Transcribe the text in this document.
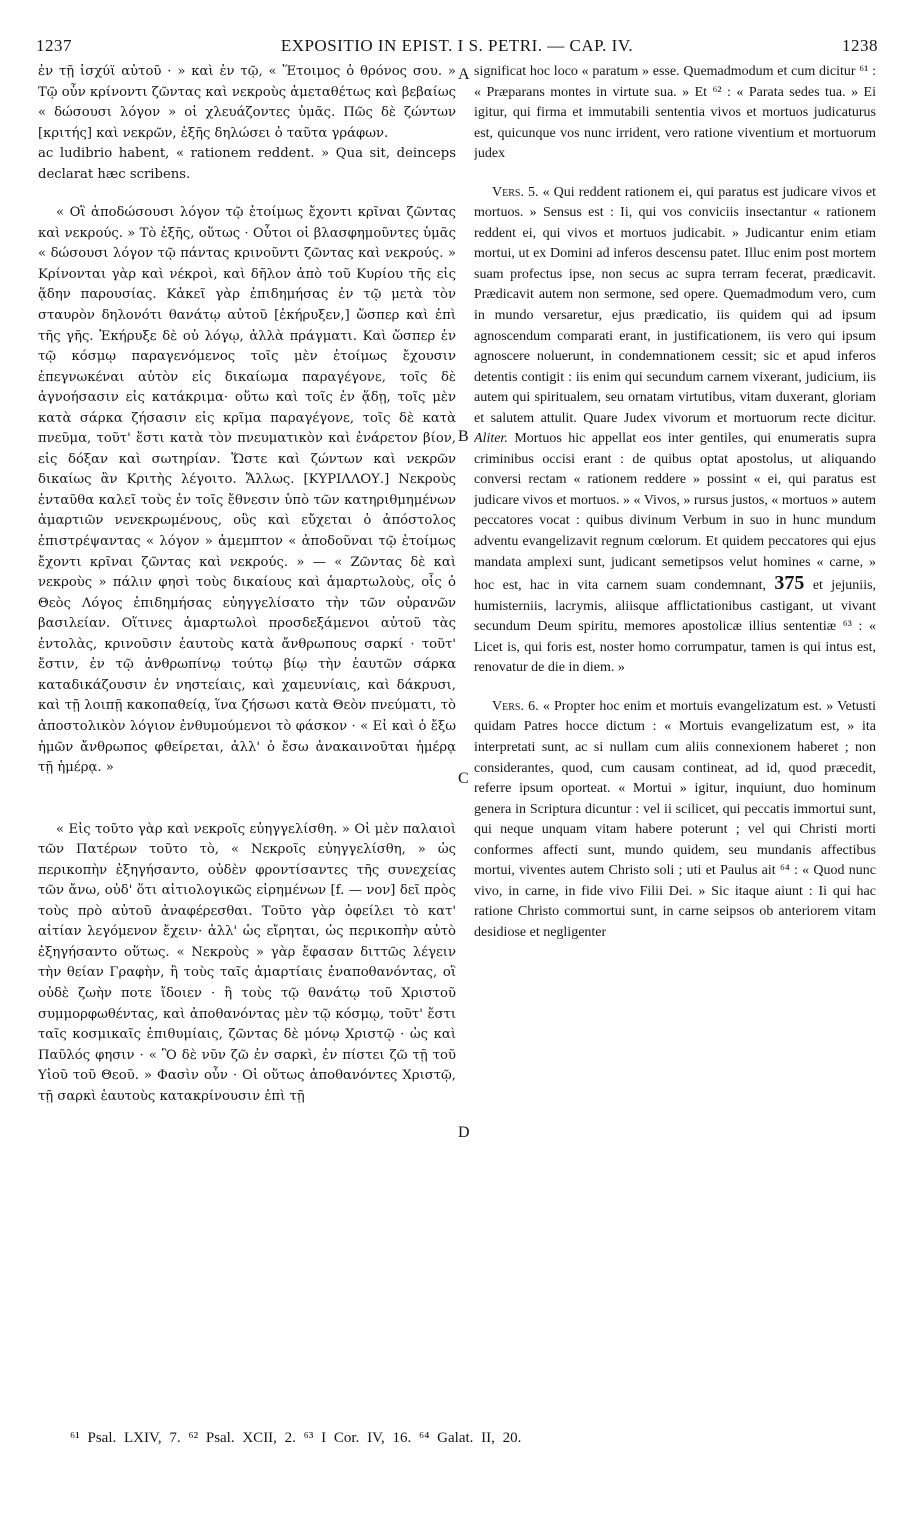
1237	EXPOSITIO IN EPIST. I S. PETRI. — CAP. IV.	1238

ἐν τῇ ἰσχύϊ αὐτοῦ · » καὶ ἐν τῷ, « Ἕτοιμος ὁ θρόνος σου. » Τῷ οὖν κρίνοντι ζῶντας καὶ νεκροὺς ἀμεταθέτως καὶ βεβαίως « δώσουσι λόγον » οἱ χλευάζοντες ὑμᾶς. Πῶς δὲ ζώντων [κριτής] καὶ νεκρῶν, ἑξῆς δηλώσει ὁ ταῦτα γράφων.

ac ludibrio habent, « rationem reddent. » Qua sit, deinceps declarat hæc scribens.

« Οἳ ἀποδώσουσι λόγον τῷ ἑτοίμως ἔχοντι κρῖναι ζῶντας καὶ νεκρούς. » Τὸ ἑξῆς, οὕτως · Οὗτοι οἱ βλασφημοῦντες ὑμᾶς « δώσουσι λόγον τῷ πάντας κρινοῦντι ζῶντας καὶ νεκρούς. » Κρίνονται γὰρ καὶ νέκροὶ, καὶ δῆλον ἀπὸ τοῦ Κυρίου τῆς εἰς ᾅδην παρουσίας. Κἀκεῖ γὰρ ἐπιδημήσας ἐν τῷ μετὰ τὸν σταυρὸν δηλονότι θανάτῳ αὐτοῦ [ἐκήρυξεν,] ὥσπερ καὶ ἐπὶ τῆς γῆς. Ἐκήρυξε δὲ οὐ λόγῳ, ἀλλὰ πράγματι. Καὶ ὥσπερ ἐν τῷ κόσμῳ παραγενόμενος τοῖς μὲν ἑτοίμως ἔχουσιν ἐπεγνωκέναι αὐτὸν εἰς δικαίωμα παραγέγονε, τοῖς δὲ ἀγνοήσασιν εἰς κατάκριμα· οὕτω καὶ τοῖς ἐν ᾅδῃ, τοῖς μὲν κατὰ σάρκα ζήσασιν εἰς κρῖμα παραγέγονε, τοῖς δὲ κατὰ πνεῦμα, τοῦτ' ἔστι κατὰ τὸν πνευματικὸν καὶ ἐνάρετον βίον, εἰς δόξαν καὶ σωτηρίαν. Ὥστε καὶ ζώντων καὶ νεκρῶν δικαίως ἂν Κριτὴς λέγοιτο. Ἄλλως. [ΚΥΡΙΛΛΟΥ.] Νεκροὺς ἐνταῦθα καλεῖ τοὺς ἐν τοῖς ἔθνεσιν ὑπὸ τῶν κατηριθμημένων ἁμαρτιῶν νενεκρωμένους, οὓς καὶ εὔχεται ὁ ἀπόστολος ἐπιστρέψαντας « λόγον » ἀμεμπτον « ἀποδοῦναι τῷ ἑτοίμως ἔχοντι κρῖναι ζῶντας καὶ νεκρούς. » — « Ζῶντας δὲ καὶ νεκροὺς » πάλιν φησὶ τοὺς δικαίους καὶ ἁμαρτωλοὺς, οἷς ὁ Θεὸς Λόγος ἐπιδημήσας εὐηγγελίσατο τὴν τῶν οὐρανῶν βασιλείαν. Οἵτινες ἁμαρτωλοὶ προσδεξάμενοι αὐτοῦ τὰς ἐντολὰς, κρινοῦσιν ἑαυτοὺς κατὰ ἄνθρωπους σαρκί · τοῦτ' ἔστιν, ἐν τῷ ἀνθρωπίνῳ τούτῳ βίῳ τὴν ἑαυτῶν σάρκα καταδικάζουσιν ἐν νηστείαις, καὶ χαμευνίαις, καὶ δάκρυσι, καὶ τῇ λοιπῇ κακοπαθείᾳ, ἵνα ζήσωσι κατὰ Θεὸν πνεύματι, τὸ ἀποστολικὸν λόγιον ἐνθυμούμενοι τὸ φάσκον · « Εἰ καὶ ὁ ἔξω ἡμῶν ἄνθρωπος φθείρεται, ἀλλ' ὁ ἔσω ἀνακαινοῦται ἡμέρᾳ τῇ ἡμέρᾳ. »

« Εἰς τοῦτο γὰρ καὶ νεκροῖς εὐηγγελίσθη. » Οἱ μὲν παλαιοὶ τῶν Πατέρων τοῦτο τὸ, « Νεκροῖς εὐηγγελίσθη, » ὡς περικοπὴν ἐξηγήσαντο, οὐδὲν φροντίσαντες τῆς συνεχείας τῶν ἄνω, οὐδ' ὅτι αἰτιολογικῶς εἰρημένων [f. — νον] δεῖ πρὸς τοὺς πρὸ αὐτοῦ ἀναφέρεσθαι. Τοῦτο γὰρ ὀφείλει τὸ κατ' αἰτίαν λεγόμενον ἔχειν· ἀλλ' ὡς εἴρηται, ὡς περικοπὴν αὐτὸ ἐξηγήσαντο οὕτως. « Νεκροὺς » γὰρ ἔφασαν διττῶς λέγειν τὴν θείαν Γραφὴν, ἢ τοὺς ταῖς ἁμαρτίαις ἐναποθανόντας, οἳ οὐδὲ ζωὴν ποτε ἴδοιεν · ἢ τοὺς τῷ θανάτῳ τοῦ Χριστοῦ συμμορφωθέντας, καὶ ἀποθανόντας μὲν τῷ κόσμῳ, τοῦτ' ἔστι ταῖς κοσμικαῖς ἐπιθυμίαις, ζῶντας δὲ μόνῳ Χριστῷ · ὡς καὶ Παῦλός φησιν · « Ὃ δὲ νῦν ζῶ ἐν σαρκὶ, ἐν πίστει ζῶ τῇ τοῦ Υἱοῦ τοῦ Θεοῦ. » Φασὶν οὖν · Οἱ οὕτως ἀποθανόντες Χριστῷ, τῇ σαρκὶ ἑαυτοὺς κατακρίνουσιν ἐπὶ τῇ

A
B
C
D

significat hoc loco « paratum » esse. Quemadmodum et cum dicitur ⁶¹ : « Præparans montes in virtute sua. » Et ⁶² : « Parata sedes tua. » Ei igitur, qui firma et immutabili sententia vivos et mortuos judicaturus est, quicunque vos nunc irrident, vero ratione viventium et mortuorum judex

Vers. 5. « Qui reddent rationem ei, qui paratus est judicare vivos et mortuos. » Sensus est : Ii, qui vos conviciis insectantur « rationem reddent ei, qui vivos et mortuos judicabit. » Judicantur enim etiam mortui, ut ex Domini ad inferos descensu patet. Illuc enim post mortem suam profectus ipse, non secus ac supra terram fecerat, prædicavit. Prædicavit autem non sermone, sed opere. Quemadmodum vero, cum in mundo versaretur, ejus prædicatio, iis quidem qui ad ipsum agnoscendum comparati erant, in justificationem, iis vero qui ipsum agnoscere noluerunt, in condemnationem cessit; sic et apud inferos detentis contigit : iis enim qui secundum carnem vixerant, judicium, iis autem qui spiritualem, seu ornatam virtutibus, vitam duxerant, gloriam et salutem attulit. Quare Judex vivorum et mortuorum recte dicitur. Aliter. Mortuos hic appellat eos inter gentiles, qui enumeratis supra criminibus occisi erant : de quibus optat apostolus, ut aliquando conversi rectam « rationem reddere » possint « ei, qui paratus est judicare vivos et mortuos. » « Vivos, » rursus justos, « mortuos » autem peccatores vocat : quibus divinum Verbum in suo in hunc mundum adventu evangelizavit regnum cœlorum. Et quidem peccatores qui ejus mandata amplexi sunt, judicant semetipsos velut homines « carne, » hoc est, hac in vita carnem suam condemnant, 375 et jejuniis, humisterniis, lacrymis, aliisque afflictationibus castigant, ut vivant secundum Deum spiritu, memores apostolicæ illius sententiæ ⁶³ : « Licet is, qui foris est, noster homo corrumpatur, tamen is qui intus est, renovatur de die in diem. »

Vers. 6. « Propter hoc enim et mortuis evangelizatum est. » Vetusti quidam Patres hocce dictum : « Mortuis evangelizatum est, » ita interpretati sunt, ac si nullam cum aliis connexionem haberet ; non considerantes, quod, cum causam contineat, ad id, quod præcedit, referre ipsum oporteat. « Mortui » igitur, inquiunt, duo hominum genera in Scriptura dicuntur : vel ii scilicet, qui peccatis immortui sunt, qui neque unquam vitam habere poterunt ; vel qui Christi morti conformes affecti sunt, mundo quidem, seu mundanis affectibus mortui, viventes autem Christo soli ; uti et Paulus ait ⁶⁴ : « Quod nunc vivo, in carne, in fide vivo Filii Dei. » Sic itaque aiunt : Ii qui hac ratione Christo commortui sunt, in carne seipsos ob anteriorem vitam desidiose et negligenter

⁶¹ Psal. LXIV, 7. ⁶² Psal. XCII, 2. ⁶³ I Cor. IV, 16. ⁶⁴ Galat. II, 20.
